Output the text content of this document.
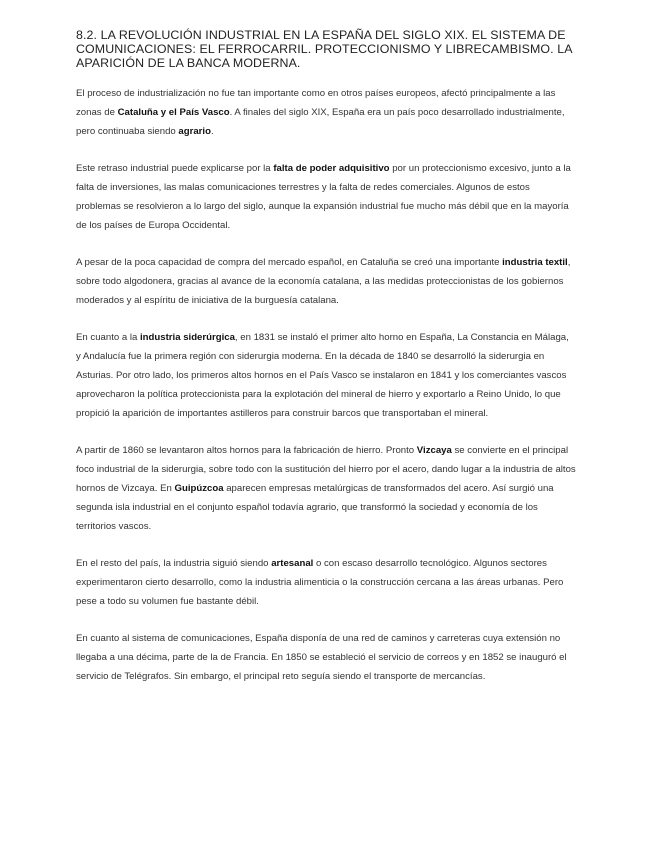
8.2. LA REVOLUCIÓN INDUSTRIAL EN LA ESPAÑA DEL SIGLO XIX. EL SISTEMA DE COMUNICACIONES: EL FERROCARRIL. PROTECCIONISMO Y LIBRECAMBISMO. LA APARICIÓN DE LA BANCA MODERNA.

El proceso de industrialización no fue tan importante como en otros países europeos, afectó principalmente a las zonas de Cataluña y el País Vasco. A finales del siglo XIX, España era un país poco desarrollado industrialmente, pero continuaba siendo agrario.

Este retraso industrial puede explicarse por la falta de poder adquisitivo por un proteccionismo excesivo, junto a la falta de inversiones, las malas comunicaciones terrestres y la falta de redes comerciales. Algunos de estos problemas se resolvieron a lo largo del siglo, aunque la expansión industrial fue mucho más débil que en la mayoría de los países de Europa Occidental.

A pesar de la poca capacidad de compra del mercado español, en Cataluña se creó una importante industria textil, sobre todo algodonera, gracias al avance de la economía catalana, a las medidas proteccionistas de los gobiernos moderados y al espíritu de iniciativa de la burguesía catalana.

En cuanto a la industria siderúrgica, en 1831 se instaló el primer alto horno en España, La Constancia en Málaga, y Andalucía fue la primera región con siderurgia moderna. En la década de 1840 se desarrolló la siderurgia en Asturias. Por otro lado, los primeros altos hornos en el País Vasco se instalaron en 1841 y los comerciantes vascos aprovecharon la política proteccionista para la explotación del mineral de hierro y exportarlo a Reino Unido, lo que propició la aparición de importantes astilleros para construir barcos que transportaban el mineral.

A partir de 1860 se levantaron altos hornos para la fabricación de hierro. Pronto Vizcaya se convierte en el principal foco industrial de la siderurgia, sobre todo con la sustitución del hierro por el acero, dando lugar a la industria de altos hornos de Vizcaya. En Guipúzcoa aparecen empresas metalúrgicas de transformados del acero. Así surgió una segunda isla industrial en el conjunto español todavía agrario, que transformó la sociedad y economía de los territorios vascos.

En el resto del país, la industria siguió siendo artesanal o con escaso desarrollo tecnológico. Algunos sectores experimentaron cierto desarrollo, como la industria alimenticia o la construcción cercana a las áreas urbanas. Pero pese a todo su volumen fue bastante débil.

En cuanto al sistema de comunicaciones, España disponía de una red de caminos y carreteras cuya extensión no llegaba a una décima, parte de la de Francia. En 1850 se estableció el servicio de correos y en 1852 se inauguró el servicio de Telégrafos. Sin embargo, el principal reto seguía siendo el transporte de mercancías.
